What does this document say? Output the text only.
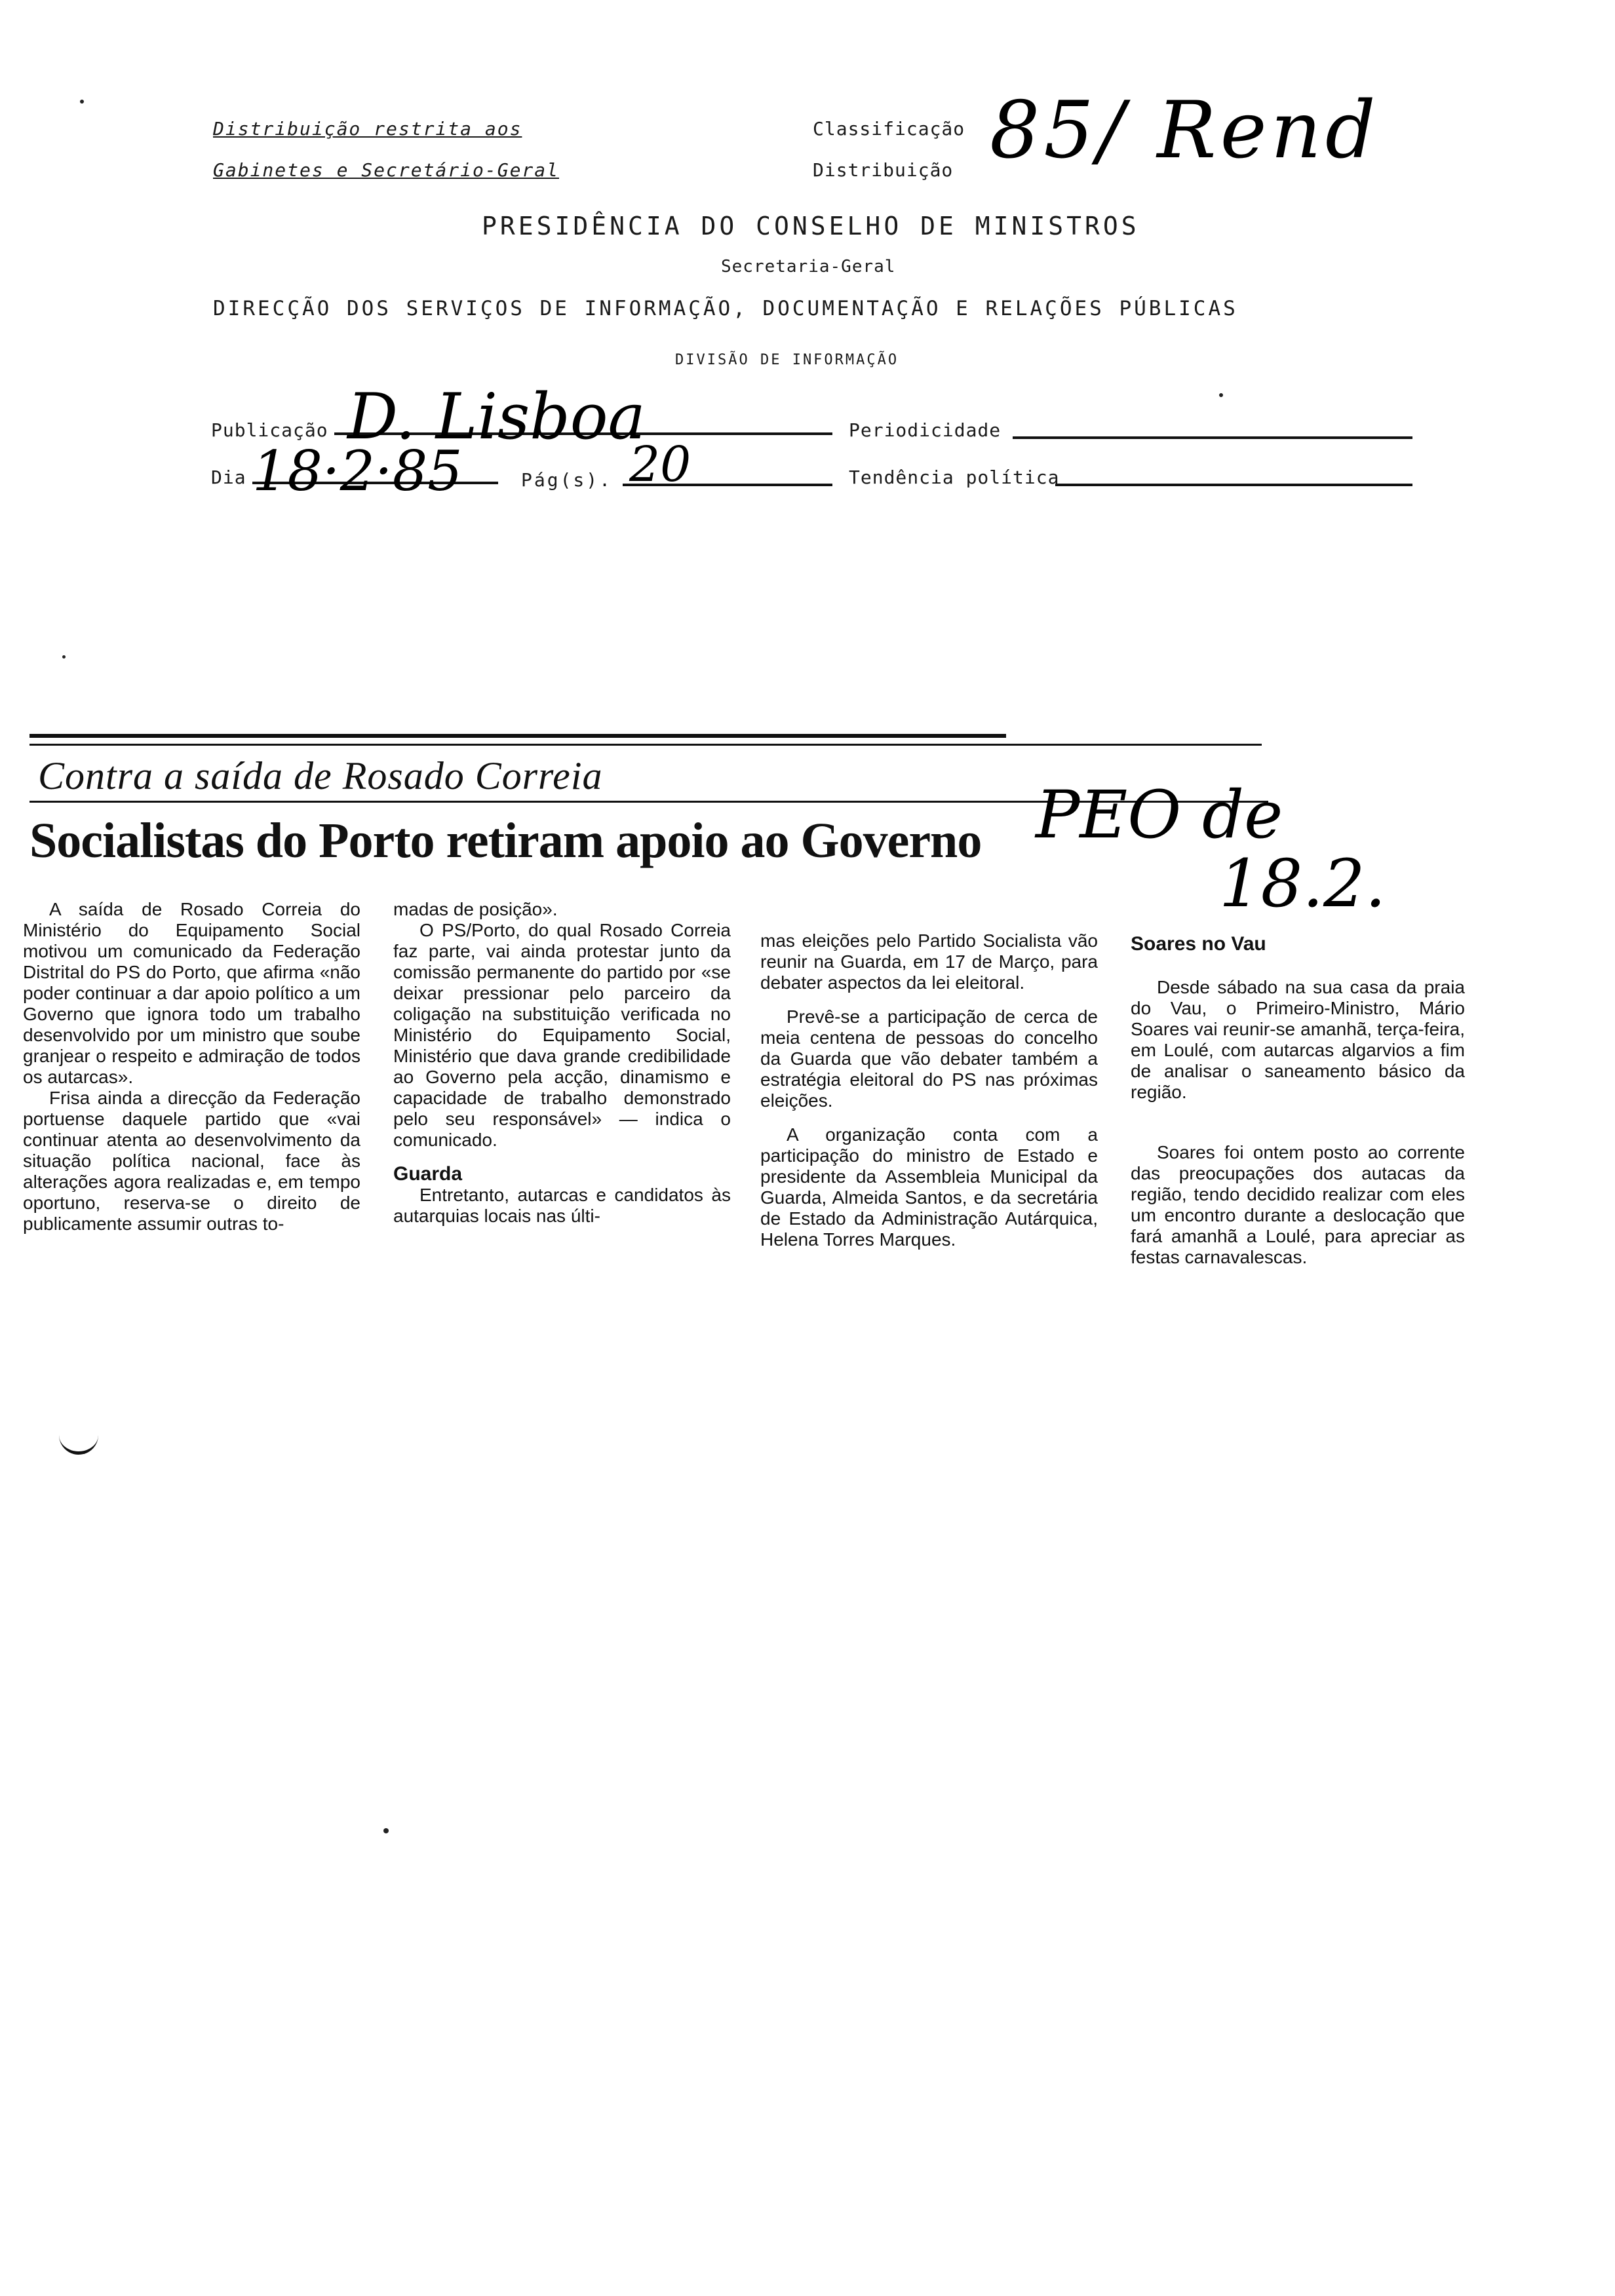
Distribuição restrita aos
Gabinetes e Secretário-Geral
Classificação
Distribuição 85/ Rend
PRESIDÊNCIA DO CONSELHO DE MINISTROS
Secretaria-Geral
DIRECÇÃO DOS SERVIÇOS DE INFORMAÇÃO, DOCUMENTAÇÃO E RELAÇÕES PÚBLICAS
DIVISÃO DE INFORMAÇÃO
Publicação D. Lisboa	Periodicidade
Dia 18·2·85	Pág(s). 20	Tendência política
Contra a saída de Rosado Correia
Socialistas do Porto retiram apoio ao Governo PEO de
18.2.

A saída de Rosado Correia do Ministério do Equipamento Social motivou um comunicado da Federação Distrital do PS do Porto, que afirma «não poder continuar a dar apoio político a um Governo que ignora todo um trabalho desenvolvido por um ministro que soube granjear o respeito e admiração de todos os autarcas».

Frisa ainda a direcção da Federação portuense daquele partido que «vai continuar atenta ao desenvolvimento da situação política nacional, face às alterações agora realizadas e, em tempo oportuno, reserva-se o direito de publicamente assumir outras to-

madas de posição».

O PS/Porto, do qual Rosado Correia faz parte, vai ainda protestar junto da comissão permanente do partido por «se deixar pressionar pelo parceiro da coligação na substituição verificada no Ministério do Equipamento Social, Ministério que dava grande credibilidade ao Governo pela acção, dinamismo e capacidade de trabalho demonstrado pelo seu responsável» — indica o comunicado.

Guarda

Entretanto, autarcas e candidatos às autarquias locais nas últi-

mas eleições pelo Partido Socialista vão reunir na Guarda, em 17 de Março, para debater aspectos da lei eleitoral.

Prevê-se a participação de cerca de meia centena de pessoas do concelho da Guarda que vão debater também a estratégia eleitoral do PS nas próximas eleições.

A organização conta com a participação do ministro de Estado e presidente da Assembleia Municipal da Guarda, Almeida Santos, e da secretária de Estado da Administração Autárquica, Helena Torres Marques.

Soares no Vau

Desde sábado na sua casa da praia do Vau, o Primeiro-Ministro, Mário Soares vai reunir-se amanhã, terça-feira, em Loulé, com autarcas algarvios a fim de analisar o saneamento básico da região.

Soares foi ontem posto ao corrente das preocupações dos autacas da região, tendo decidido realizar com eles um encontro durante a deslocação que fará amanhã a Loulé, para apreciar as festas carnavalescas.
